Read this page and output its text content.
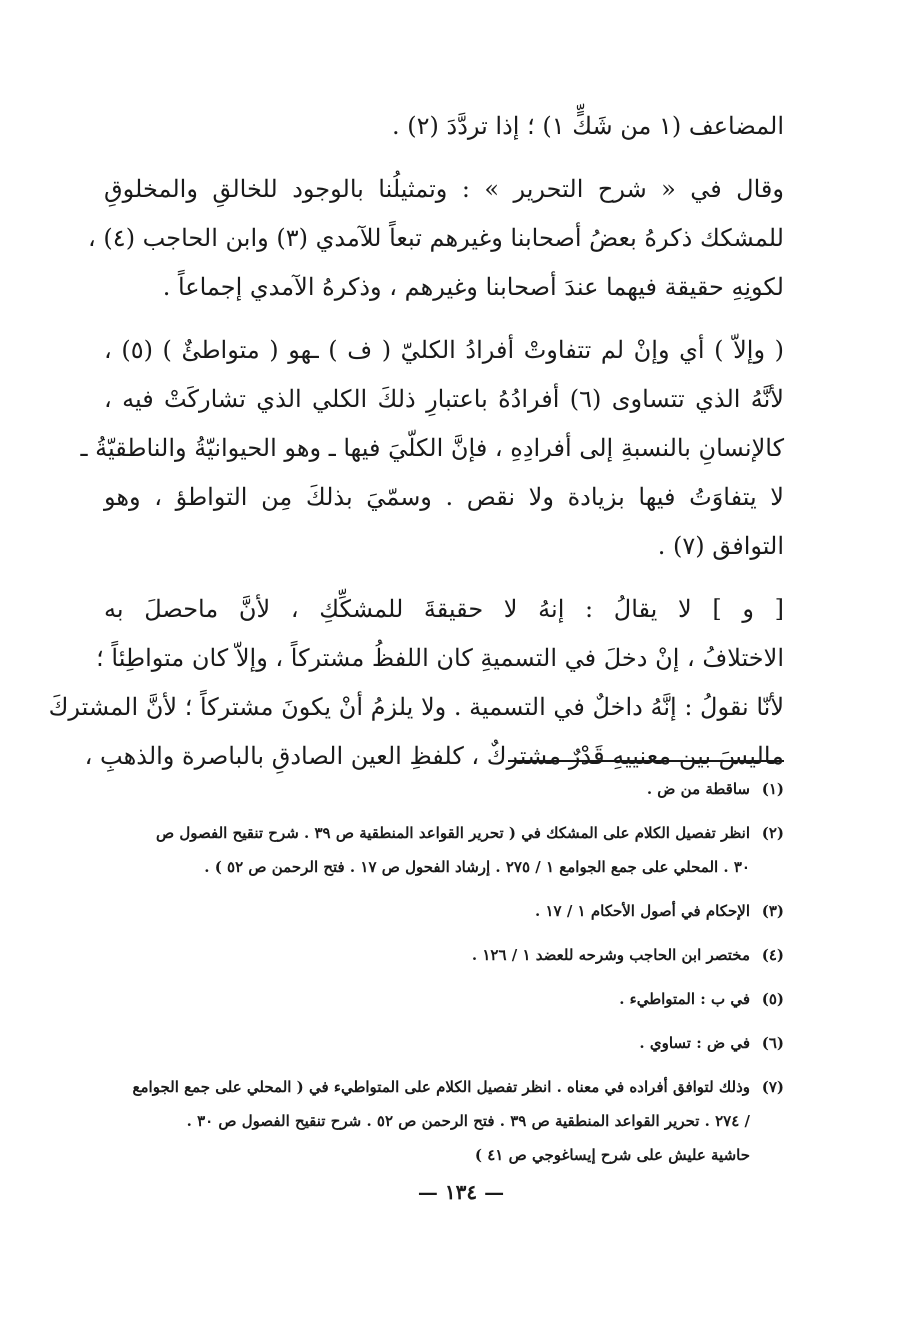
المضاعف (١ من شَكٍّ ١) ؛ إذا تردَّدَ (٢) .
وقال في « شرح التحرير » : وتمثيلُنا بالوجود للخالقِ والمخلوقِ
للمشكك ذكرهُ بعضُ أصحابنا وغيرهم تبعاً للآمدي (٣) وابن الحاجب (٤) ،
لكونِهِ حقيقة فيهما عندَ أصحابنا وغيرهم ، وذكرهُ الآمدي إجماعاً .
( وإلاّ ) أي وإنْ لم تتفاوتْ أفرادُ الكليّ ( ف ) ـهو ( متواطئٌ ) (٥) ،
لأنَّهُ الذي تتساوى (٦) أفرادُهُ باعتبارِ ذلكَ الكلي الذي تشاركَتْ فيه ،
كالإنسانِ بالنسبةِ إلى أفرادِهِ ، فإنَّ الكلّيَ فيها ـ وهو الحيوانيّةُ والناطقيّةُ ـ
لا يتفاوَتُ فيها بزيادة ولا نقص . وسمّيَ بذلكَ مِن التواطؤ ، وهو
التوافق (٧) .
[ و ] لا يقالُ : إنهُ لا حقيقةَ للمشكِّكِ ، لأنَّ ماحصلَ به
الاختلافُ ، إنْ دخلَ في التسميةِ كان اللفظُ مشتركاً ، وإلاّ كان متواطِئاً ؛
لأنّا نقولُ : إنَّهُ داخلٌ في التسمية . ولا يلزمُ أنْ يكونَ مشتركاً ؛ لأنَّ المشتركَ
ماليسَ بين معنييهِ قَدْرٌ مشتركٌ ، كلفظِ العين الصادقِ بالباصرة والذهبِ ،
(١)
ساقطة من ض .
(٢)
انظر تفصيل الكلام على المشكك في ( تحرير القواعد المنطقية ص ٣٩ . شرح تنقيح الفصول ص
٣٠ . المحلي على جمع الجوامع ١ / ٢٧٥ . إرشاد الفحول ص ١٧ . فتح الرحمن ص ٥٢ ) .
(٣)
الإحكام في أصول الأحكام ١ / ١٧ .
(٤)
مختصر ابن الحاجب وشرحه للعضد ١ / ١٢٦ .
(٥)
في ب : المتواطيء .
(٦)
في ض : تساوي .
(٧)
وذلك لتوافق أفراده في معناه . انظر تفصيل الكلام على المتواطيء في ( المحلي على جمع الجوامع
/ ٢٧٤ . تحرير القواعد المنطقية ص ٣٩ . فتح الرحمن ص ٥٢ . شرح تنقيح الفصول ص ٣٠ .
حاشية عليش على شرح إيساغوجي ص ٤١ )
— ١٣٤ —
